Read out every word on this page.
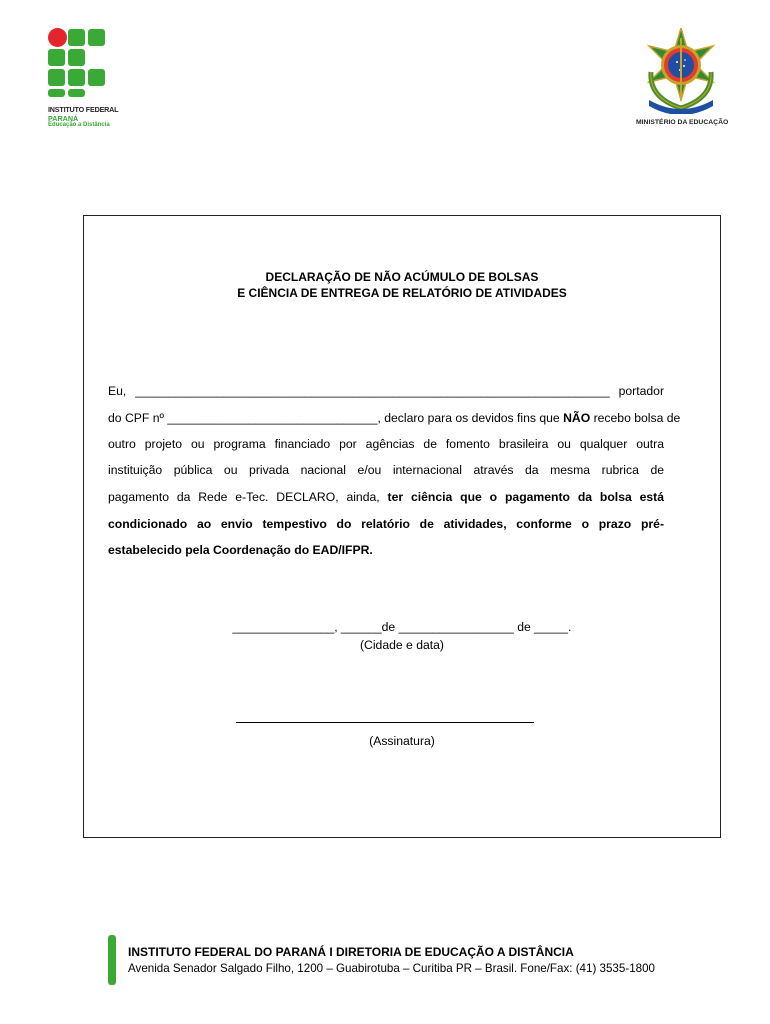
INSTITUTO FEDERAL
PARANÁ
Educação a Distância	MINISTÉRIO DA EDUCAÇÃO
DECLARAÇÃO DE NÃO ACÚMULO DE BOLSAS
E CIÊNCIA DE ENTREGA DE RELATÓRIO DE ATIVIDADES
Eu, ______________________________________________________________________ portador
do CPF nº _______________________________, declaro para os devidos fins que NÃO recebo bolsa de
outro projeto ou programa financiado por agências de fomento brasileira ou qualquer outra
instituição pública ou privada nacional e/ou internacional através da mesma rubrica de
pagamento da Rede e-Tec. DECLARO, ainda, ter ciência que o pagamento da bolsa está
condicionado ao envio tempestivo do relatório de atividades, conforme o prazo pré-
estabelecido pela Coordenação do EAD/IFPR.
_______________, ______de _________________ de _____.
(Cidade e data)
(Assinatura)
INSTITUTO FEDERAL DO PARANÁ I DIRETORIA DE EDUCAÇÃO A DISTÂNCIA
Avenida Senador Salgado Filho, 1200 – Guabirotuba – Curitiba PR – Brasil. Fone/Fax: (41) 3535-1800
